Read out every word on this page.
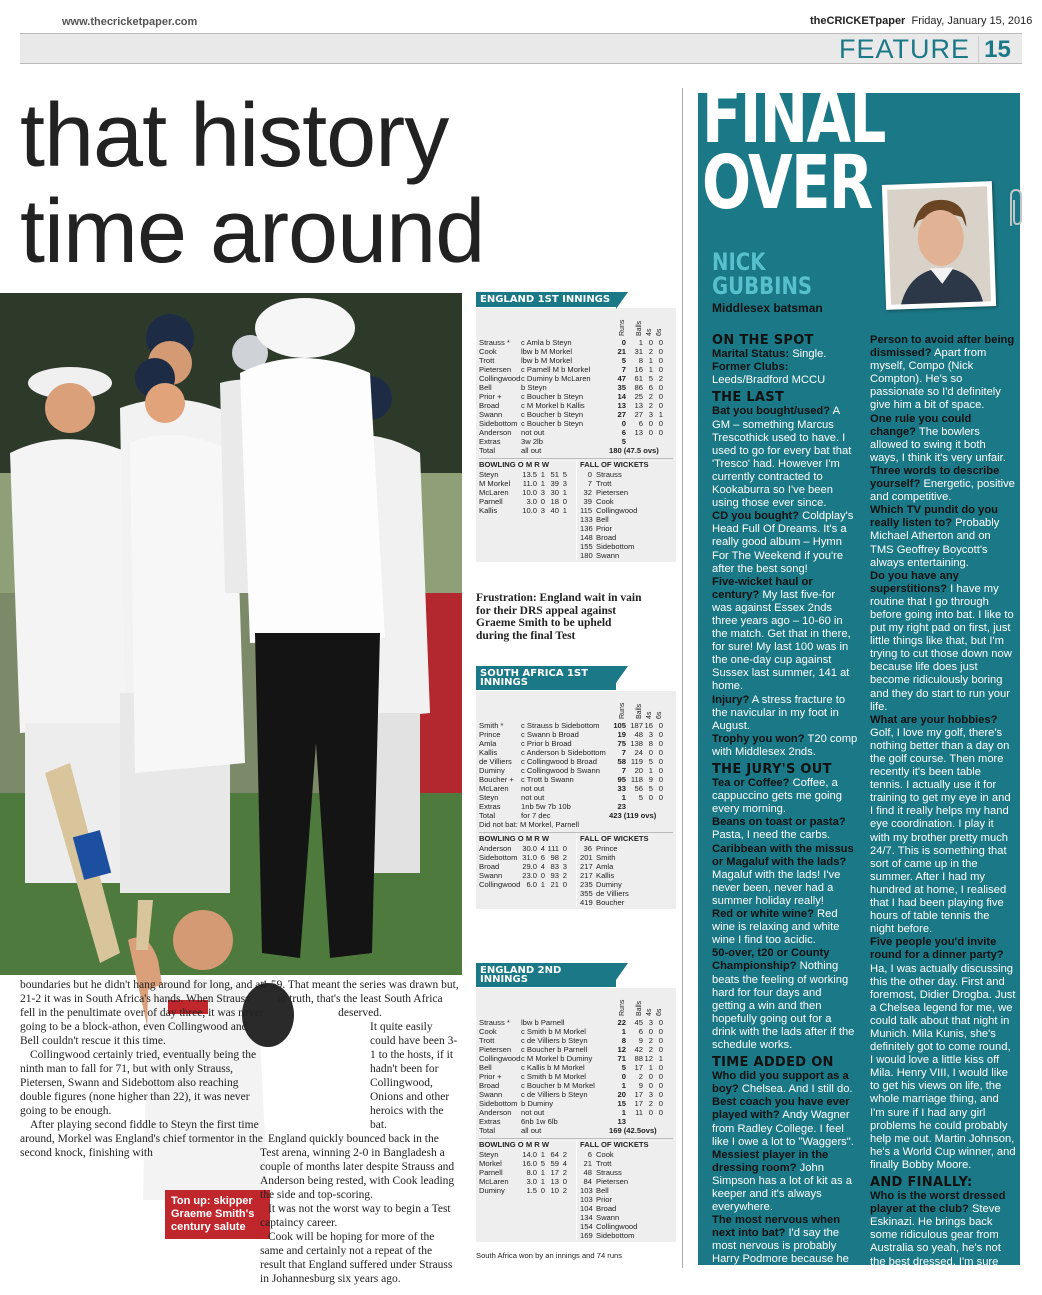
www.thecricketpaper.com	theCRICKETpaper Friday, January 15, 2016
FEATURE 15
that history
time around
Ton up: skipper Graeme Smith's century salute

boundaries but he didn't hang around for long, and at 21-2 it was in South Africa's hands. When Strauss fell in the penultimate over of day three, it was never going to be a block-athon, even Collingwood and Bell couldn't rescue it this time.

Collingwood certainly tried, eventually being the ninth man to fall for 71, but with only Strauss, Pietersen, Swann and Sidebottom also reaching double figures (none higher than 22), it was never going to be enough.

After playing second fiddle to Steyn the first time around, Morkel was England's chief tormentor in the second knock, finishing with

4-59. That meant the series was drawn but, in truth, that's the least South Africa deserved.

It quite easily could have been 3-1 to the hosts, if it hadn't been for Collingwood, Onions and other heroics with the bat.

England quickly bounced back in the Test arena, winning 2-0 in Bangladesh a couple of months later despite Strauss and Anderson being rested, with Cook leading the side and top-scoring.

It was not the worst way to begin a Test captaincy career.

Cook will be hoping for more of the same and certainly not a repeat of the result that England suffered under Strauss in Johannesburg six years ago.

ENGLAND 1ST INNINGS
Runs Balls 4s 6s
Strauss *	c Amla b Steyn	0	1 0 0
Cook	lbw b M Morkel	21	31 2 0
Trott	lbw b M Morkel	5	8 1 0
Pietersen	c Parnell M b Morkel	7	16 1 0
Collingwood c Duminy b McLaren	47	61 5 2
Bell	b Steyn	35	86 6 0
Prior +	c Boucher b Steyn	14	25 2 0
Broad	c M Morkel b Kallis	13	13 2 0
Swann	c Boucher b Steyn	27	27 3 1
Sidebottom c Boucher b Steyn	0	6 0 0
Anderson	not out	6	13 0 0
Extras	3w 2lb	5
Total	all out	180 (47.5 ovs)
BOWLING O M R W
Steyn	13.5 1 51 5
M Morkel	11.0 1 39 3
McLaren	10.0 3 30 1
Parnell	3.0 0 18 0
Kallis	10.0 3 40 1
FALL OF WICKETS
0 Strauss
7 Trott
32 Pietersen
39 Cook
115 Collingwood
133 Bell
136 Prior
148 Broad
155 Sidebottom
180 Swann
Frustration: England wait in vain for their DRS appeal against Graeme Smith to be upheld during the final Test
SOUTH AFRICA 1ST INNINGS
Runs Balls 4s 6s
Smith *	c Strauss b Sidebottom	105 187 16 0
Prince	c Swann b Broad	19	48 3 0
Amla	c Prior b Broad	75 138 8 0
Kallis	c Anderson b Sidebottom	7	24 0 0
de Villiers	c Collingwood b Broad	58 119 5 0
Duminy	c Collingwood b Swann	7	20 1 0
Boucher + c Trott b Swann	95 118 9 0
McLaren	not out	33	56 5 0
Steyn	not out	1	5 0 0
Extras	1nb 5w 7b 10b	23
Total	for 7 dec	423 (119 ovs)
Did not bat: M Morkel, Parnell
BOWLING O M R W
Anderson	30.0 4 111 0
Sidebottom 31.0 6 98 2
Broad	29.0 4 83 3
Swann	23.0 0 93 2
Collingwood 6.0 1 21 0
FALL OF WICKETS
36 Prince
201 Smith
217 Amla
217 Kallis
235 Duminy
355 de Villiers
419 Boucher
ENGLAND 2ND INNINGS
Runs Balls 4s 6s
Strauss *	lbw b Parnell	22	45 3 0
Cook	c Smith b M Morkel	1	6 0 0
Trott	c de Villiers b Steyn	8	9 2 0
Pietersen	c Boucher b Parnell	12	42 2 0
Collingwood c M Morkel b Duminy	71	88 12 1
Bell	c Kallis b M Morkel	5	17 1 0
Prior +	c Smith b M Morkel	0	2 0 0
Broad	c Boucher b M Morkel	1	9 0 0
Swann	c de Villiers b Steyn	20	17 3 0
Sidebottom b Duminy	15	17 2 0
Anderson	not out	1	11 0 0
Extras	6nb 1w 6lb	13
Total	all out	169 (42.5ovs)
BOWLING O M R W
Steyn	14.0 1 64 2
Morkel	16.0 5 59 4
Parnell	8.0 1 17 2
McLaren	3.0 1 13 0
Duminy	1.5 0 10 2
FALL OF WICKETS
6 Cook
21 Trott
48 Strauss
84 Pietersen
103 Bell
103 Prior
104 Broad
134 Swann
154 Collingwood
169 Sidebottom
South Africa won by an innings and 74 runs
FINAL
OVER
NICK
GUBBINS
Middlesex batsman
ON THE SPOT
Marital Status: Single.
Former Clubs: Leeds/Bradford MCCU
THE LAST
Bat you bought/used? A GM – something Marcus Trescothick used to have. I used to go for every bat that 'Tresco' had. However I'm currently contracted to Kookaburra so I've been using those ever since.
CD you bought? Coldplay's Head Full Of Dreams. It's a really good album – Hymn For The Weekend if you're after the best song!
Five-wicket haul or century? My last five-for was against Essex 2nds three years ago – 10-60 in the match. Get that in there, for sure! My last 100 was in the one-day cup against Sussex last summer, 141 at home.
Injury? A stress fracture to the navicular in my foot in August.
Trophy you won? T20 comp with Middlesex 2nds.
THE JURY'S OUT
Tea or Coffee? Coffee, a cappuccino gets me going every morning.
Beans on toast or pasta? Pasta, I need the carbs.
Caribbean with the missus or Magaluf with the lads? Magaluf with the lads! I've never been, never had a summer holiday really!
Red or white wine? Red wine is relaxing and white wine I find too acidic.
50-over, t20 or County Championship? Nothing beats the feeling of working hard for four days and getting a win and then hopefully going out for a drink with the lads after if the schedule works.
TIME ADDED ON
Who did you support as a boy? Chelsea. And I still do.
Best coach you have ever played with? Andy Wagner from Radley College. I feel like I owe a lot to "Waggers".
Messiest player in the dressing room? John Simpson has a lot of kit as a keeper and it's always everywhere.
The most nervous when next into bat? I'd say the most nervous is probably Harry Podmore because he wants to do so well. He loves his batting.
Person to avoid after being dismissed? Apart from myself, Compo (Nick Compton). He's so passionate so I'd definitely give him a bit of space.
One rule you could change? The bowlers allowed to swing it both ways, I think it's very unfair.
Three words to describe yourself? Energetic, positive and competitive.
Which TV pundit do you really listen to? Probably Michael Atherton and on TMS Geoffrey Boycott's always entertaining.
Do you have any superstitions? I have my routine that I go through before going into bat. I like to put my right pad on first, just little things like that, but I'm trying to cut those down now because life does just become ridiculously boring and they do start to run your life.
What are your hobbies? Golf, I love my golf, there's nothing better than a day on the golf course. Then more recently it's been table tennis. I actually use it for training to get my eye in and I find it really helps my hand eye coordination. I play it with my brother pretty much 24/7. This is something that sort of came up in the summer. After I had my hundred at home, I realised that I had been playing five hours of table tennis the night before.
Five people you'd invite round for a dinner party? Ha, I was actually discussing this the other day. First and foremost, Didier Drogba. Just a Chelsea legend for me, we could talk about that night in Munich. Mila Kunis, she's definitely got to come round, I would love a little kiss off Mila. Henry VIII, I would like to get his views on life, the whole marriage thing, and I'm sure if I had any girl problems he could probably help me out. Martin Johnson, he's a World Cup winner, and finally Bobby Moore.
AND FINALLY:
Who is the worst dressed player at the club? Steve Eskinazi. He brings back some ridiculous gear from Australia so yeah, he's not the best dressed. I'm sure some of the lads would say me but he's much worse.
